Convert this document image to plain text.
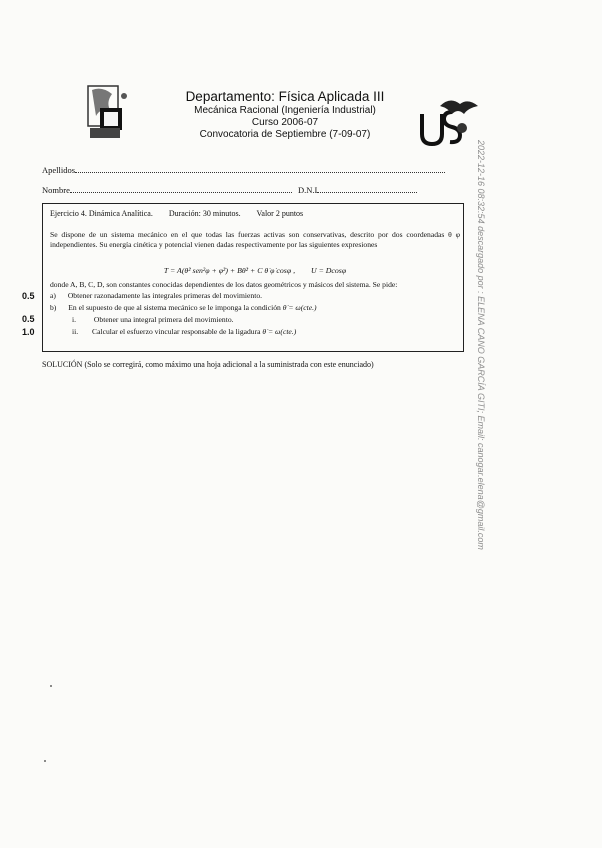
Departamento: Física Aplicada III
Mecánica Racional (Ingeniería Industrial)
Curso 2006-07
Convocatoria de Septiembre (7-09-07)
Apellidos
Nombre	D.N.I
Ejercicio 4. Dinámica Analítica. Duración: 30 minutos. Valor 2 puntos
Se dispone de un sistema mecánico en el que todas las fuerzas activas son conservativas, descrito por dos coordenadas θ φ independientes. Su energía cinética y potencial vienen dadas respectivamente por las siguientes expresiones
T = A(θ̇² sen²φ + φ̇²) + Bθ̇² + C θ̇ φ̇ cosφ , U = Dcosφ
donde A, B, C, D, son constantes conocidas dependientes de los datos geométricos y másicos del sistema. Se pide:
a) Obtener razonadamente las integrales primeras del movimiento.
b) En el supuesto de que al sistema mecánico se le imponga la condición θ̇ = ω(cte.)
i. Obtener una integral primera del movimiento.
ii. Calcular el esfuerzo vincular responsable de la ligadura θ̇ = ω(cte.)
0.5
0.5
1.0
SOLUCIÓN (Solo se corregirá, como máximo una hoja adicional a la suministrada con este enunciado)	2022-12-16 08:32:54 descargado por : ELENA CANO GARCÍA GITI; Email: canogar.elena@gmail.com
